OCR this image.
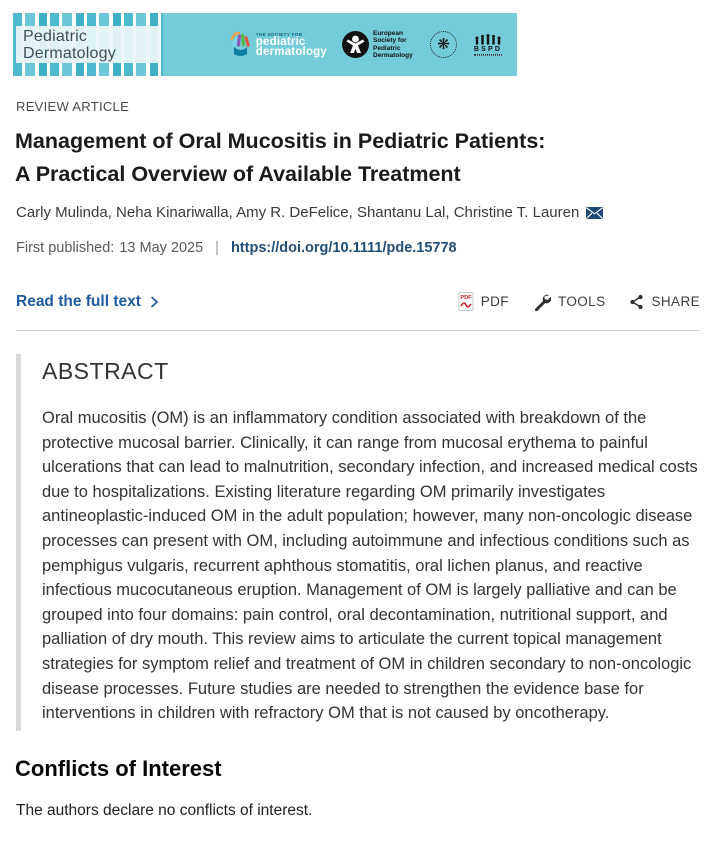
Pediatric
Dermatology
THE SOCIETY FOR
pediatric
dermatology
European
Society for
Pediatric
Dermatology
❋	BSPD
REVIEW ARTICLE
Management of Oral Mucositis in Pediatric Patients:
A Practical Overview of Available Treatment
Carly Mulinda, Neha Kinariwalla, Amy R. DeFelice, Shantanu Lal, Christine T. Lauren
First published: 13 May 2025 | https://doi.org/10.1111/pde.15778
Read the full text	PDF PDF	TOOLS	SHARE
ABSTRACT

Oral mucositis (OM) is an inflammatory condition associated with breakdown of the protective mucosal barrier. Clinically, it can range from mucosal erythema to painful ulcerations that can lead to malnutrition, secondary infection, and increased medical costs due to hospitalizations. Existing literature regarding OM primarily investigates antineoplastic-induced OM in the adult population; however, many non-oncologic disease processes can present with OM, including autoimmune and infectious conditions such as pemphigus vulgaris, recurrent aphthous stomatitis, oral lichen planus, and reactive infectious mucocutaneous eruption. Management of OM is largely palliative and can be grouped into four domains: pain control, oral decontamination, nutritional support, and palliation of dry mouth. This review aims to articulate the current topical management strategies for symptom relief and treatment of OM in children secondary to non-oncologic disease processes. Future studies are needed to strengthen the evidence base for interventions in children with refractory OM that is not caused by oncotherapy.

Conflicts of Interest

The authors declare no conflicts of interest.
